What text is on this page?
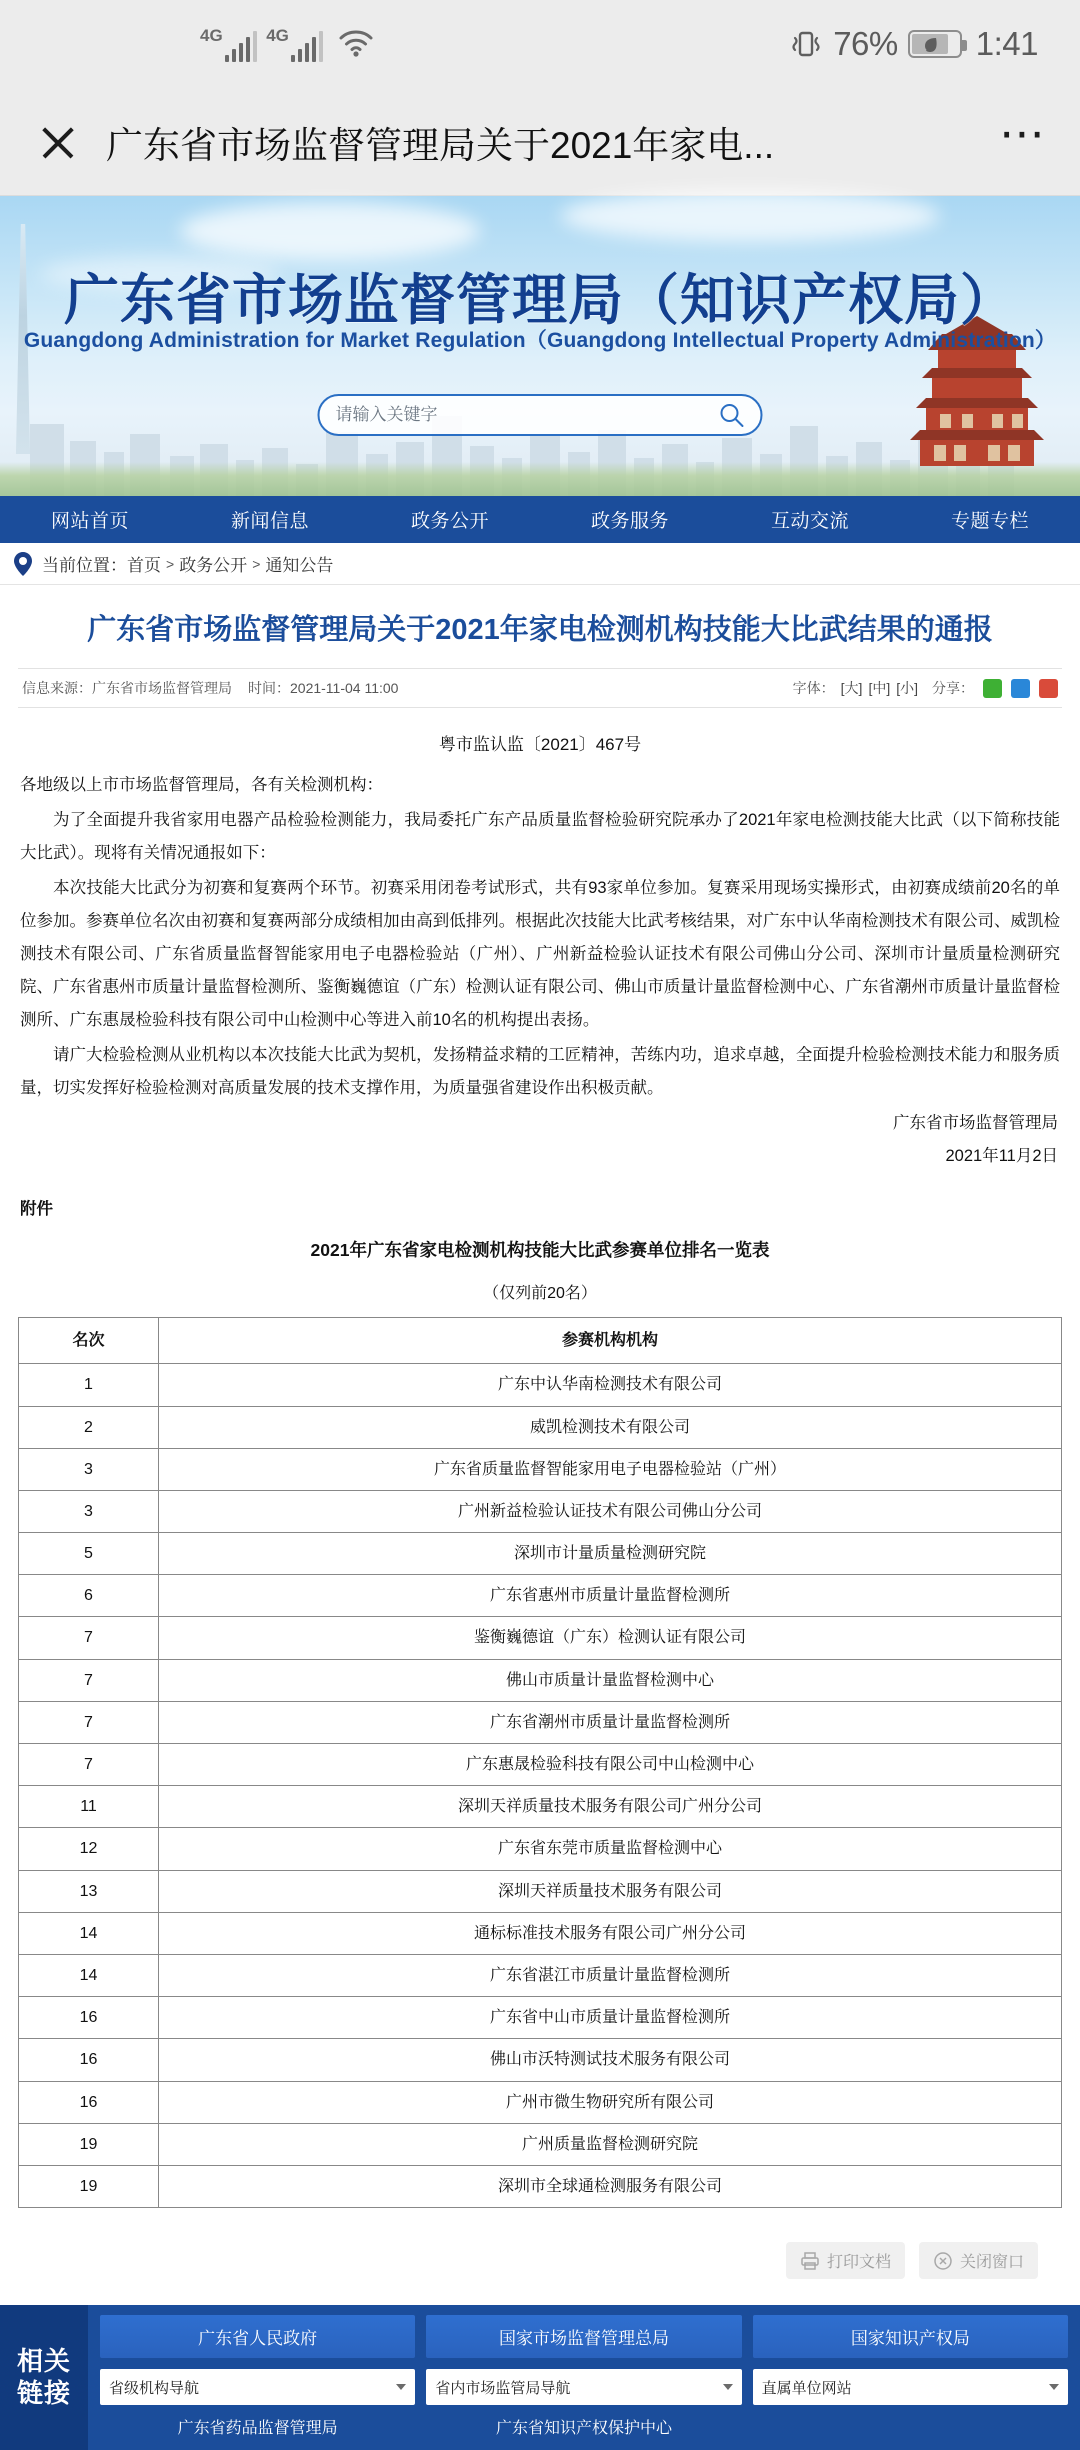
4G	4G	76% 1:41
广东省市场监督管理局关于2021年家电...	⋯
广东省市场监督管理局（知识产权局）
Guangdong Administration for Market Regulation（Guangdong Intellectual Property Administration）
请输入关键字
网站首页	新闻信息	政务公开	政务服务	互动交流	专题专栏
当前位置： 首页 > 政务公开 > 通知公告
广东省市场监督管理局关于2021年家电检测机构技能大比武结果的通报
信息来源：广东省市场监督管理局 时间：2021-11-04 11:00	字体： [大] [中] [小] 分享：
粤市监认监〔2021〕467号

各地级以上市市场监督管理局，各有关检测机构：

为了全面提升我省家用电器产品检验检测能力，我局委托广东产品质量监督检验研究院承办了2021年家电检测技能大比武（以下简称技能大比武）。现将有关情况通报如下：

本次技能大比武分为初赛和复赛两个环节。初赛采用闭卷考试形式，共有93家单位参加。复赛采用现场实操形式，由初赛成绩前20名的单位参加。参赛单位名次由初赛和复赛两部分成绩相加由高到低排列。根据此次技能大比武考核结果，对广东中认华南检测技术有限公司、威凯检测技术有限公司、广东省质量监督智能家用电子电器检验站（广州）、广州新益检验认证技术有限公司佛山分公司、深圳市计量质量检测研究院、广东省惠州市质量计量监督检测所、鉴衡巍德谊（广东）检测认证有限公司、佛山市质量计量监督检测中心、广东省潮州市质量计量监督检测所、广东惠晟检验科技有限公司中山检测中心等进入前10名的机构提出表扬。

请广大检验检测从业机构以本次技能大比武为契机，发扬精益求精的工匠精神，苦练内功，追求卓越，全面提升检验检测技术能力和服务质量，切实发挥好检验检测对高质量发展的技术支撑作用，为质量强省建设作出积极贡献。

广东省市场监督管理局
2021年11月2日
附件
2021年广东省家电检测机构技能大比武参赛单位排名一览表
（仅列前20名）
名次	参赛机构机构
1	广东中认华南检测技术有限公司
2	威凯检测技术有限公司
3	广东省质量监督智能家用电子电器检验站（广州）
3	广州新益检验认证技术有限公司佛山分公司
5	深圳市计量质量检测研究院
6	广东省惠州市质量计量监督检测所
7	鉴衡巍德谊（广东）检测认证有限公司
7	佛山市质量计量监督检测中心
7	广东省潮州市质量计量监督检测所
7	广东惠晟检验科技有限公司中山检测中心
11	深圳天祥质量技术服务有限公司广州分公司
12	广东省东莞市质量监督检测中心
13	深圳天祥质量技术服务有限公司
14	通标标准技术服务有限公司广州分公司
14	广东省湛江市质量计量监督检测所
16	广东省中山市质量计量监督检测所
16	佛山市沃特测试技术服务有限公司
16	广州市微生物研究所有限公司
19	广州质量监督检测研究院
19	深圳市全球通检测服务有限公司
打印文档	关闭窗口
相关
链接
广东省人民政府	国家市场监督管理总局	国家知识产权局
省级机构导航	省内市场监管局导航	直属单位网站
广东省药品监督管理局	广东省知识产权保护中心
